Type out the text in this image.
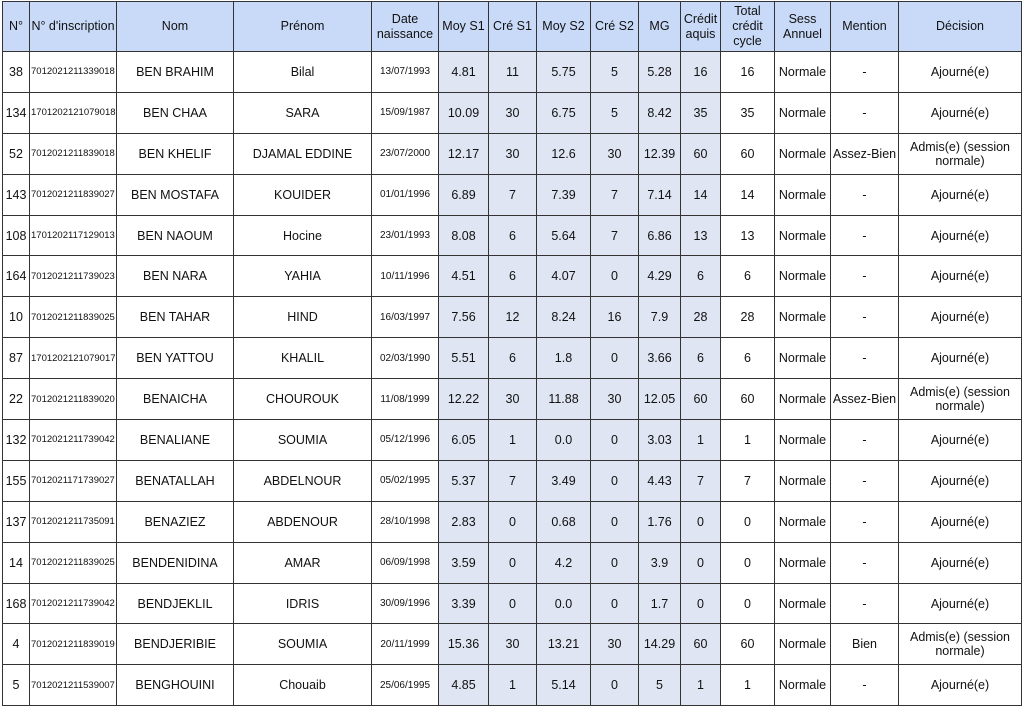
N°	N° d'inscription	Nom	Prénom	Date naissance	Moy S1	Cré S1	Moy S2	Cré S2	MG	Crédit aquis	Total crédit cycle	Sess Annuel	Mention	Décision
38	70120212113390​18	BEN BRAHIM	Bilal	13/07/1993	4.81	11	5.75	5	5.28	16	16	Normale	-	Ajourné(e)
134	1701202121079018	BEN CHAA	SARA	15/09/1987	10.09	30	6.75	5	8.42	35	35	Normale	-	Ajourné(e)
52	7012021211839018	BEN KHELIF	DJAMAL EDDINE	23/07/2000	12.17	30	12.6	30	12.39	60	60	Normale	Assez-Bien	Admis(e) (session normale)
143	7012021211839027	BEN MOSTAFA	KOUIDER	01/01/1996	6.89	7	7.39	7	7.14	14	14	Normale	-	Ajourné(e)
108	1701202117129013	BEN NAOUM	Hocine	23/01/1993	8.08	6	5.64	7	6.86	13	13	Normale	-	Ajourné(e)
164	7012021211739023	BEN NARA	YAHIA	10/11/1996	4.51	6	4.07	0	4.29	6	6	Normale	-	Ajourné(e)
10	7012021211839025	BEN TAHAR	HIND	16/03/1997	7.56	12	8.24	16	7.9	28	28	Normale	-	Ajourné(e)
87	1701202121079017	BEN YATTOU	KHALIL	02/03/1990	5.51	6	1.8	0	3.66	6	6	Normale	-	Ajourné(e)
22	7012021211839020	BENAICHA	CHOUROUK	11/08/1999	12.22	30	11.88	30	12.05	60	60	Normale	Assez-Bien	Admis(e) (session normale)
132	7012021211739042	BENALIANE	SOUMIA	05/12/1996	6.05	1	0.0	0	3.03	1	1	Normale	-	Ajourné(e)
155	7012021171739027	BENATALLAH	ABDELNOUR	05/02/1995	5.37	7	3.49	0	4.43	7	7	Normale	-	Ajourné(e)
137	7012021211735091	BENAZIEZ	ABDENOUR	28/10/1998	2.83	0	0.68	0	1.76	0	0	Normale	-	Ajourné(e)
14	7012021211839025	BENDENIDINA	AMAR	06/09/1998	3.59	0	4.2	0	3.9	0	0	Normale	-	Ajourné(e)
168	7012021211739042	BENDJEKLIL	IDRIS	30/09/1996	3.39	0	0.0	0	1.7	0	0	Normale	-	Ajourné(e)
4	7012021211839019	BENDJERIBIE	SOUMIA	20/11/1999	15.36	30	13.21	30	14.29	60	60	Normale	Bien	Admis(e) (session normale)
5	7012021211539007	BENGHOUINI	Chouaib	25/06/1995	4.85	1	5.14	0	5	1	1	Normale	-	Ajourné(e)
